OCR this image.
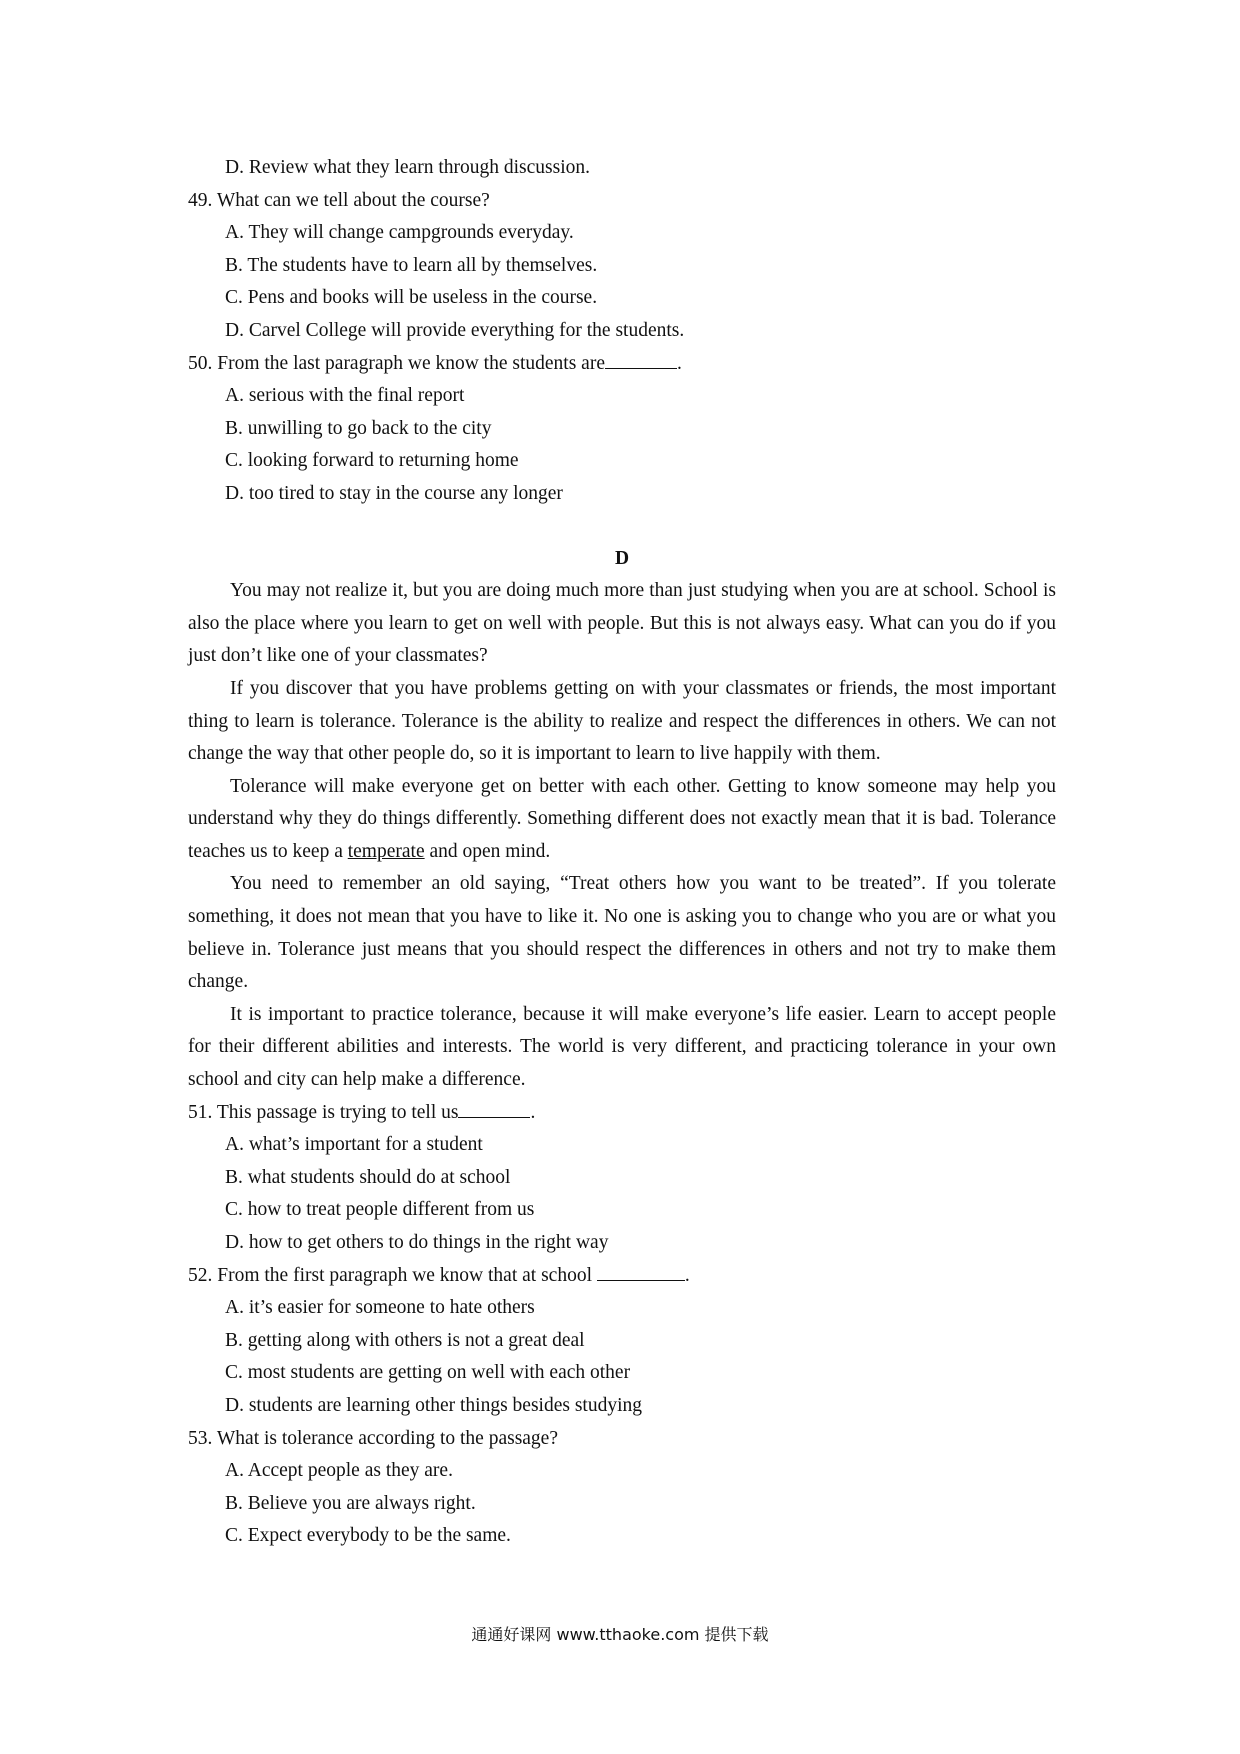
D. Review what they learn through discussion.
49. What can we tell about the course?
A. They will change campgrounds everyday.
B. The students have to learn all by themselves.
C. Pens and books will be useless in the course.
D. Carvel College will provide everything for the students.
50. From the last paragraph we know the students are	.
A. serious with the final report
B. unwilling to go back to the city
C. looking forward to returning home
D. too tired to stay in the course any longer
D

You may not realize it, but you are doing much more than just studying when you are at school. School is also the place where you learn to get on well with people. But this is not always easy. What can you do if you just don’t like one of your classmates?

If you discover that you have problems getting on with your classmates or friends, the most important thing to learn is tolerance. Tolerance is the ability to realize and respect the differences in others. We can not change the way that other people do, so it is important to learn to live happily with them.

Tolerance will make everyone get on better with each other. Getting to know someone may help you understand why they do things differently. Something different does not exactly mean that it is bad. Tolerance teaches us to keep a temperate and open mind.

You need to remember an old saying, “Treat others how you want to be treated”. If you tolerate something, it does not mean that you have to like it. No one is asking you to change who you are or what you believe in. Tolerance just means that you should respect the differences in others and not try to make them change.

It is important to practice tolerance, because it will make everyone’s life easier. Learn to accept people for their different abilities and interests. The world is very different, and practicing tolerance in your own school and city can help make a difference.

51. This passage is trying to tell us	.
A. what’s important for a student
B. what students should do at school
C. how to treat people different from us
D. how to get others to do things in the right way
52. From the first paragraph we know that at school	.
A. it’s easier for someone to hate others
B. getting along with others is not a great deal
C. most students are getting on well with each other
D. students are learning other things besides studying
53. What is tolerance according to the passage?
A. Accept people as they are.
B. Believe you are always right.
C. Expect everybody to be the same.
通通好课网 www.tthaoke.com 提供下载
